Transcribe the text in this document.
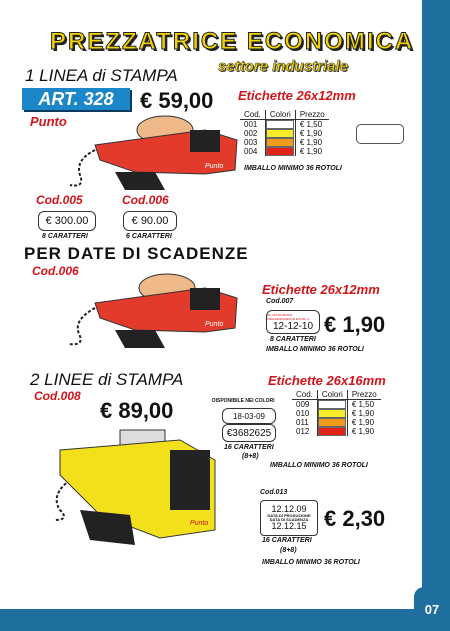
07
PREZZATRICE ECONOMICA
settore industriale
1 LINEA di STAMPA
ART. 328	€ 59,00
Punto
Punto
Etichette 26x12mm
Cod.	Colori	Prezzo
001		€ 1,50
002		€ 1,90
003		€ 1,90
004		€ 1,90
IMBALLO MINIMO 36 ROTOLI
Cod.005
€ 300.00
8 CARATTERI
Cod.006
€ 90.00
6 CARATTERI
PER DATE DI SCADENZE
Cod.006
Punto
Etichette 26x12mm
Cod.007
DA CONSUMARSI PREFERIBILMENTE ENTRO IL
12-12-10 € 1,90
8 CARATTERI
IMBALLO MINIMO 36 ROTOLI
2 LINEE di STAMPA
Cod.008
€ 89,00
Punto
Etichette 26x16mm
DISPONIBILE NEI COLORI
18-03-09
€3682625
16 CARATTERI
(8+8)
Cod.	Colori	Prezzo
009		€ 1,50
010		€ 1,90
011		€ 1,90
012		€ 1,90
IMBALLO MINIMO 36 ROTOLI
Cod.013
12.12.09
DATA DI PRODUZIONE
DATA DI SCADENZA
12.12.15 € 2,30
16 CARATTERI
(8+8)
IMBALLO MINIMO 36 ROTOLI
